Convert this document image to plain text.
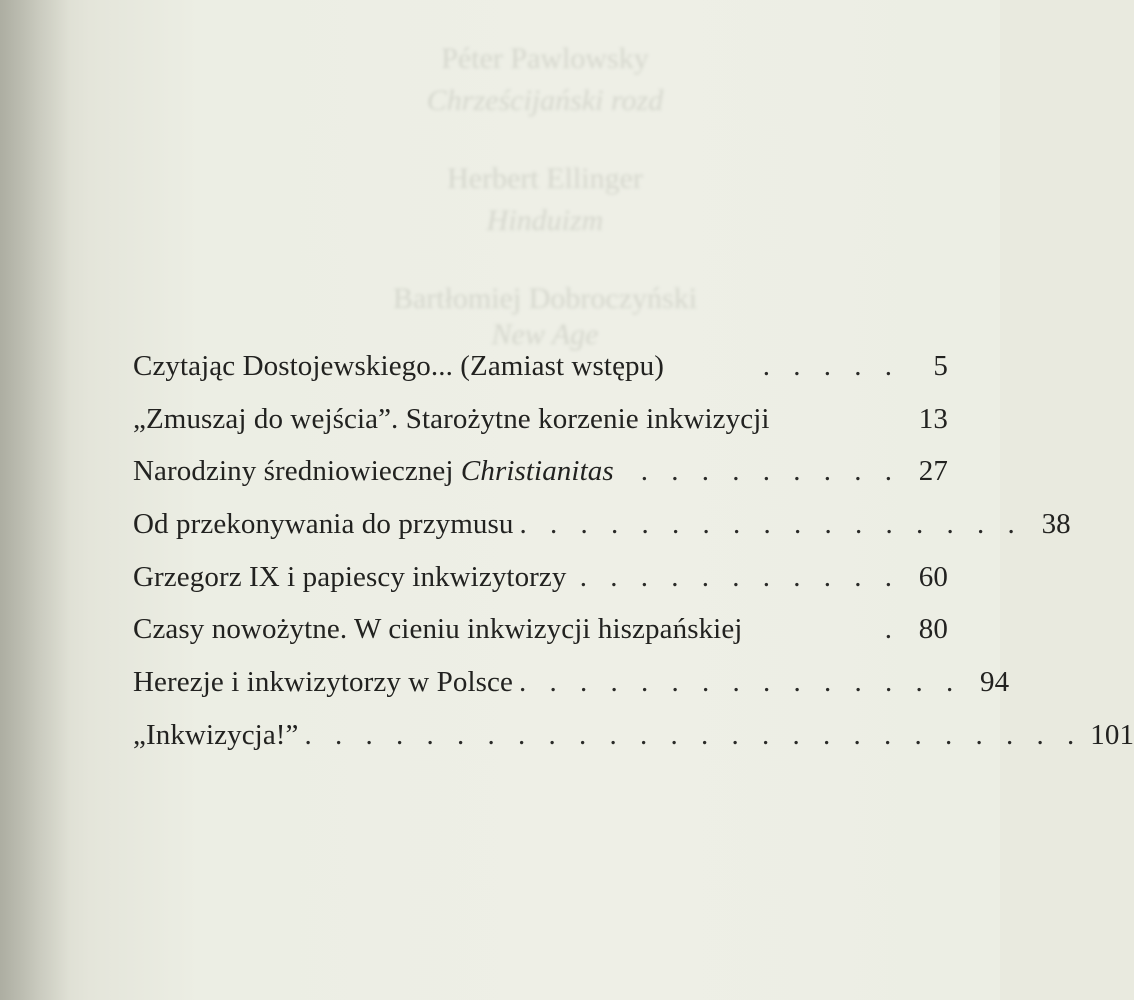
Péter Pawlowsky
Chrześcijański rozd
Herbert Ellinger
Hinduizm
Bartłomiej Dobroczyński
New Age
Czytając Dostojewskiego... (Zamiast wstępu)	. . . . .	5
„Zmuszaj do wejścia”. Starożytne korzenie inkwizycji	13
Narodziny średniowiecznej Christianitas . . . . . . . . . 27
Od przekonywania do przymusu . . . . . . . . . . . . . . . . . 38
Grzegorz IX i papiescy inkwizytorzy . . . . . . . . . . . 60
Czasy nowożytne. W cieniu inkwizycji hiszpańskiej	. 80
Herezje i inkwizytorzy w Polsce . . . . . . . . . . . . . . . 94
„Inkwizycja!” . . . . . . . . . . . . . . . . . . . . . . . . . . 101
